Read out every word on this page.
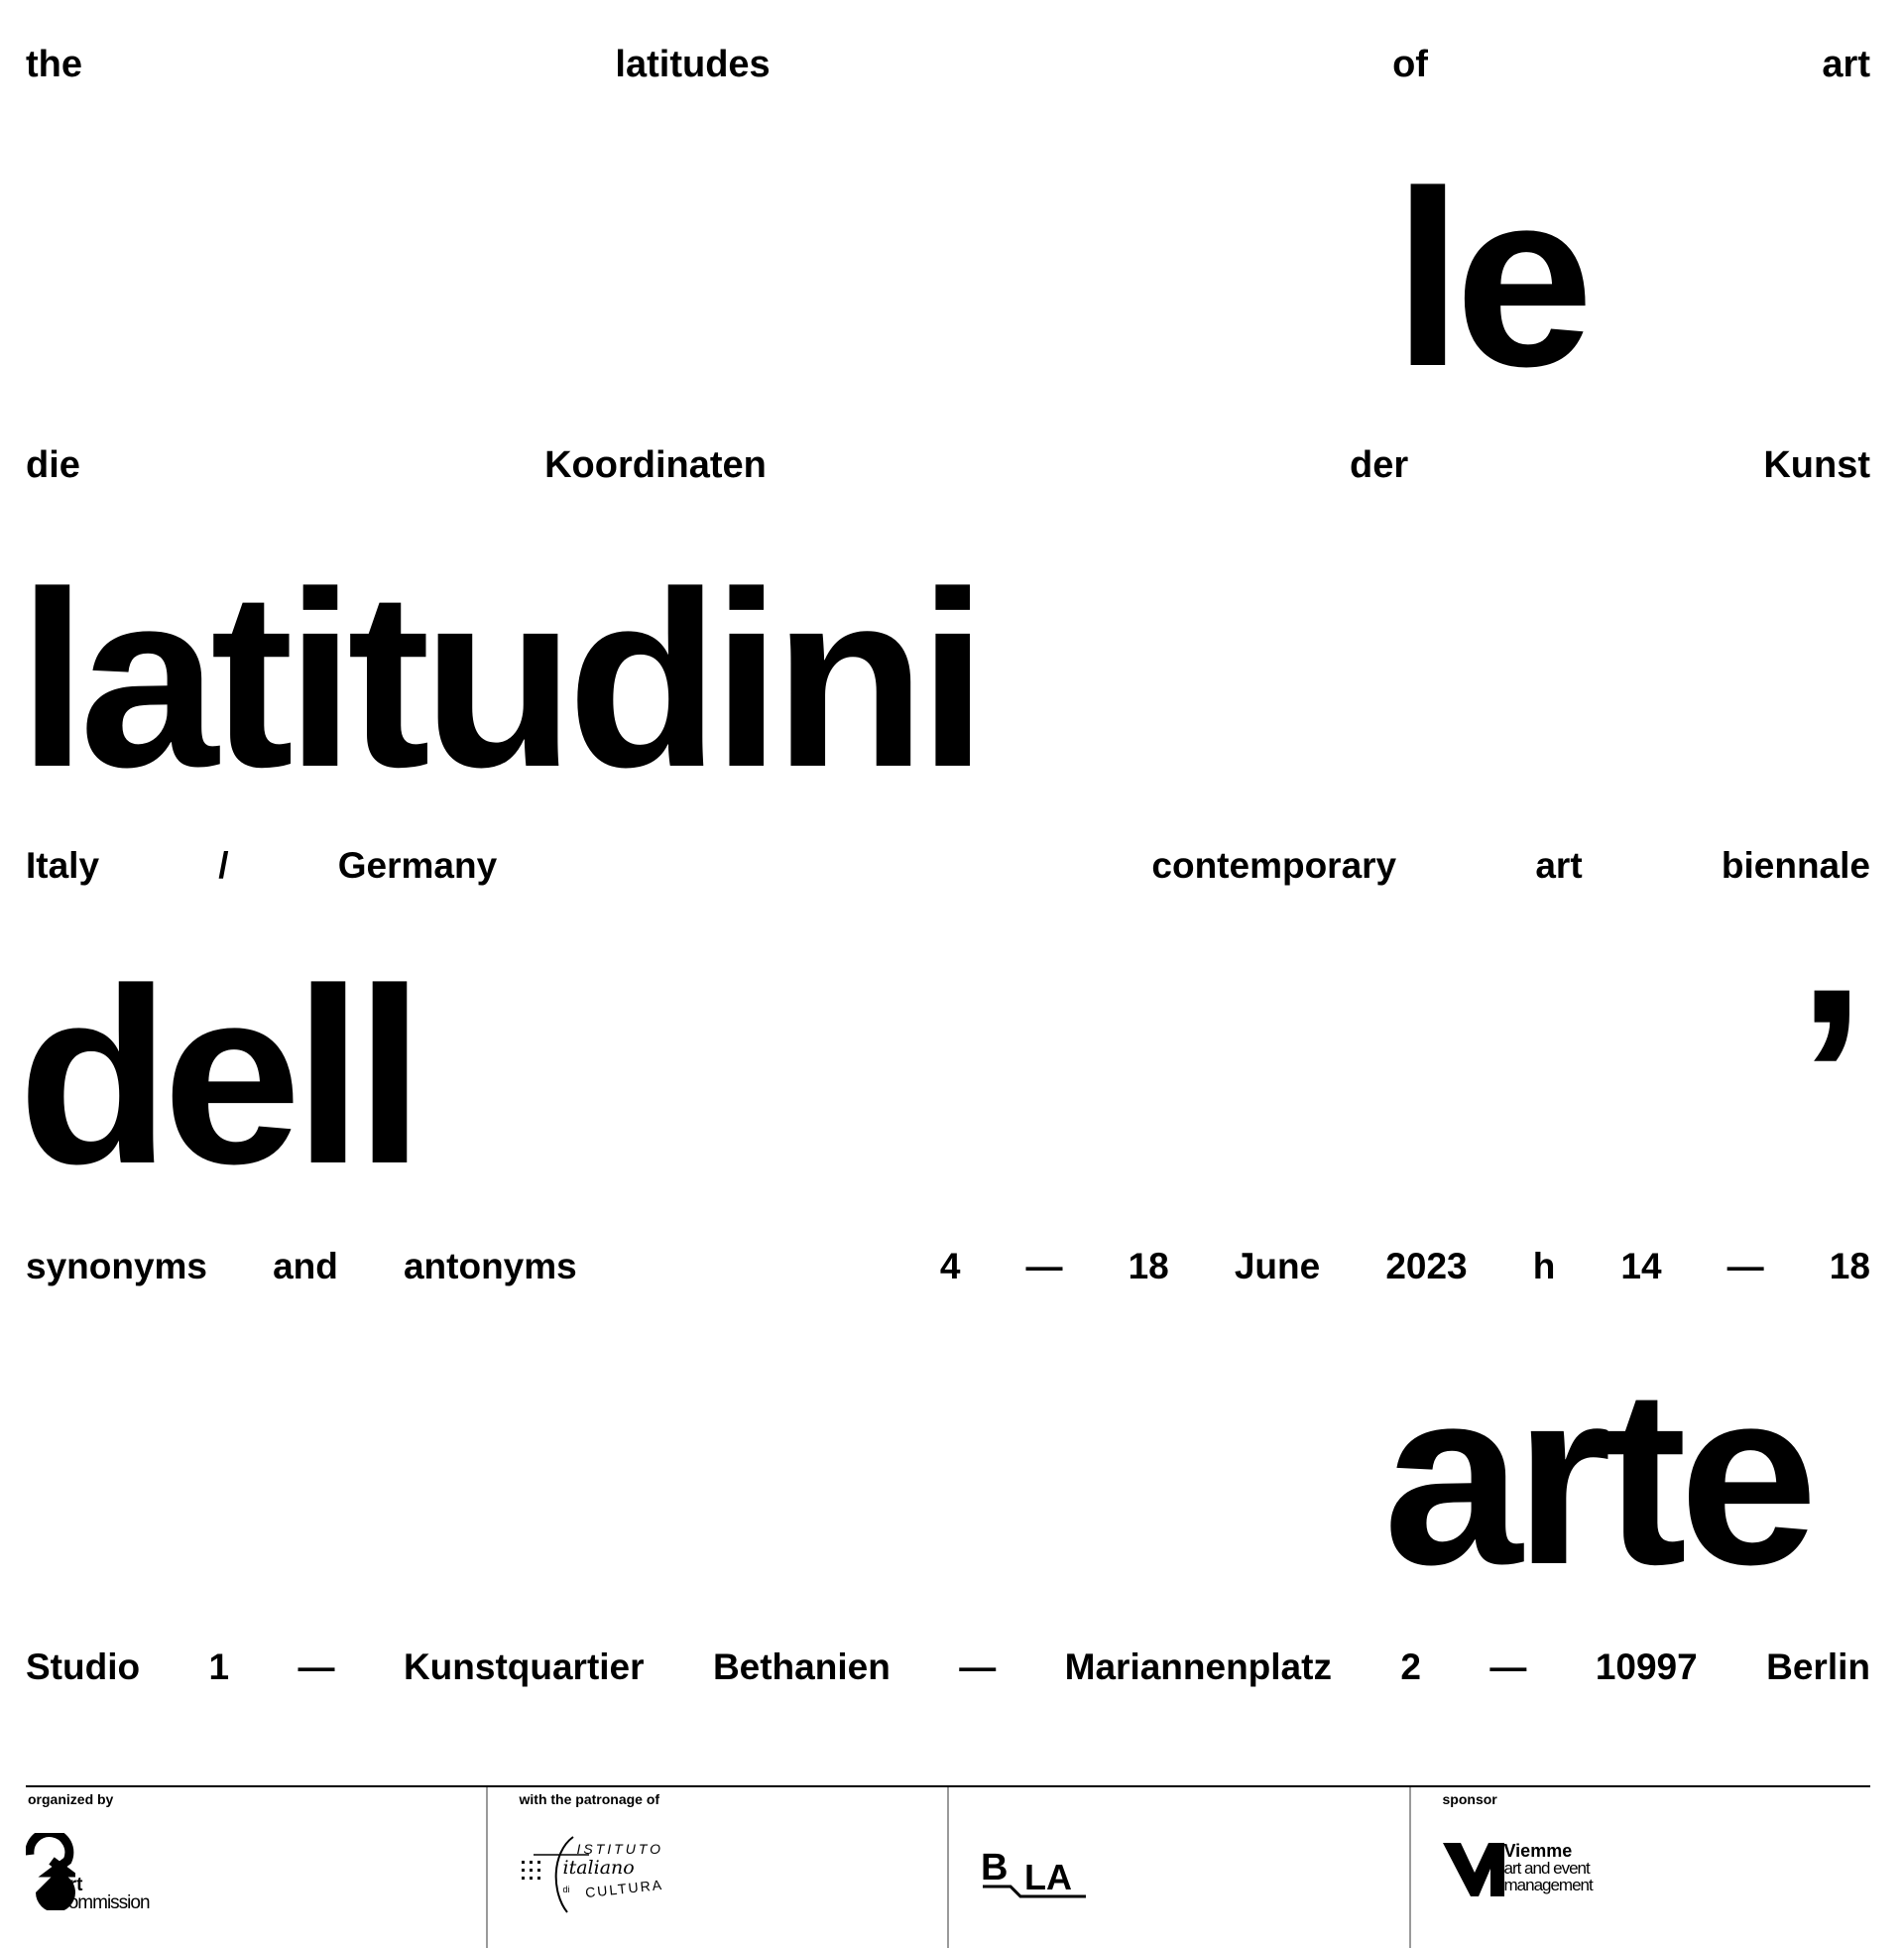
the	latitudes	of	art
le
die	Koordinaten	der	Kunst
latitudini
Italy	/	Germany	contemporary	art	biennale
dell	’
synonyms and antonyms	4 — 18 June 2023 h 14 — 18
arte
Studio 1 — Kunstquartier Bethanien — Mariannenplatz 2 — 10997 Berlin
organized by
Art
Commission
with the patronage of
ISTITUTO
italiano
di CULTURA	B LA
sponsor
Viemme
art and event
management
